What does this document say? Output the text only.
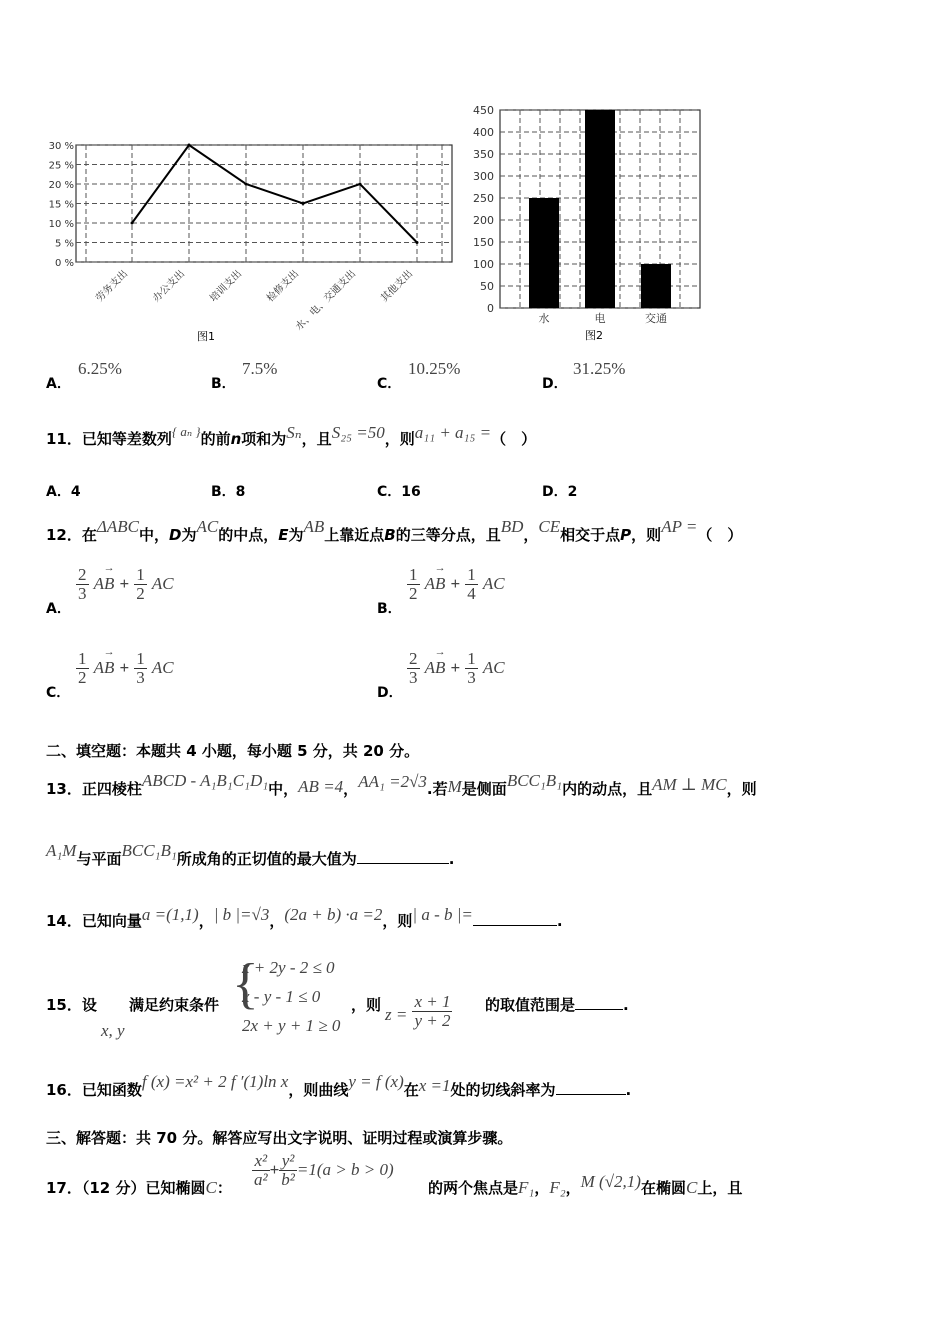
0 %
5 %
10 %
15 %
20 %
25 %
30 %
劳务支出 办公支出 培训支出 检修支出
水、电、交通支出 其他支出
图1
0
50
100
150
200
250
300
350
400
450
水	电	交通
图2
A．
6.25%
B．
7.5%
C．
10.25%
D．
31.25%
11．已知等差数列{ aₙ }的前n项和为Sₙ，且S₂₅ =50，则a₁₁ + a₁₅ =（　）
A．4	B．8	C．16	D．2
12．在ΔABC中，D为AC的中点，E为AB上靠近点B的三等分点，且BD，CE相交于点P，则AP =（　）
A．
$\frac{2}{3}$
→
AB + $\frac{1}{2}$ AC
B．
$\frac{1}{2}$
→
AB + $\frac{1}{4}$ AC
C．
$\frac{1}{2}$
→
AB + $\frac{1}{3}$ AC
D．
$\frac{2}{3}$
→
AB + $\frac{1}{3}$ AC
二、填空题：本题共 4 小题，每小题 5 分，共 20 分。
13．正四棱柱ABCD - A₁B₁C₁D₁中，AB =4，AA₁ =2√3.若M是侧面BCC₁B₁内的动点，且AM ⊥ MC，则
A₁M与平面BCC₁B₁所成角的正切值的最大值为	.
14．已知向量a =(1,1)，| b |=√3，(2a + b) ·a =2，则| a - b |=	.
15．设
x, y
满足约束条件 {
x + 2y - 2 ≤ 0
x - y - 1 ≤ 0
2x + y + 1 ≥ 0
，则 $z = \frac{x + 1}{y + 2}$ 的取值范围是	.
16．已知函数f (x) =x² + 2 f ′(1)ln x，则曲线y = f (x)在x =1处的切线斜率为	.
三、解答题：共 70 分。解答应写出文字说明、证明过程或演算步骤。
17．（12 分）已知椭圆C： $\frac{\text{x²}}{\text{a²}} + \frac{\text{y²}}{\text{b²}} =1(a > b > 0)$
的两个焦点是F₁，F₂，M (√2,1)在椭圆C上，且
